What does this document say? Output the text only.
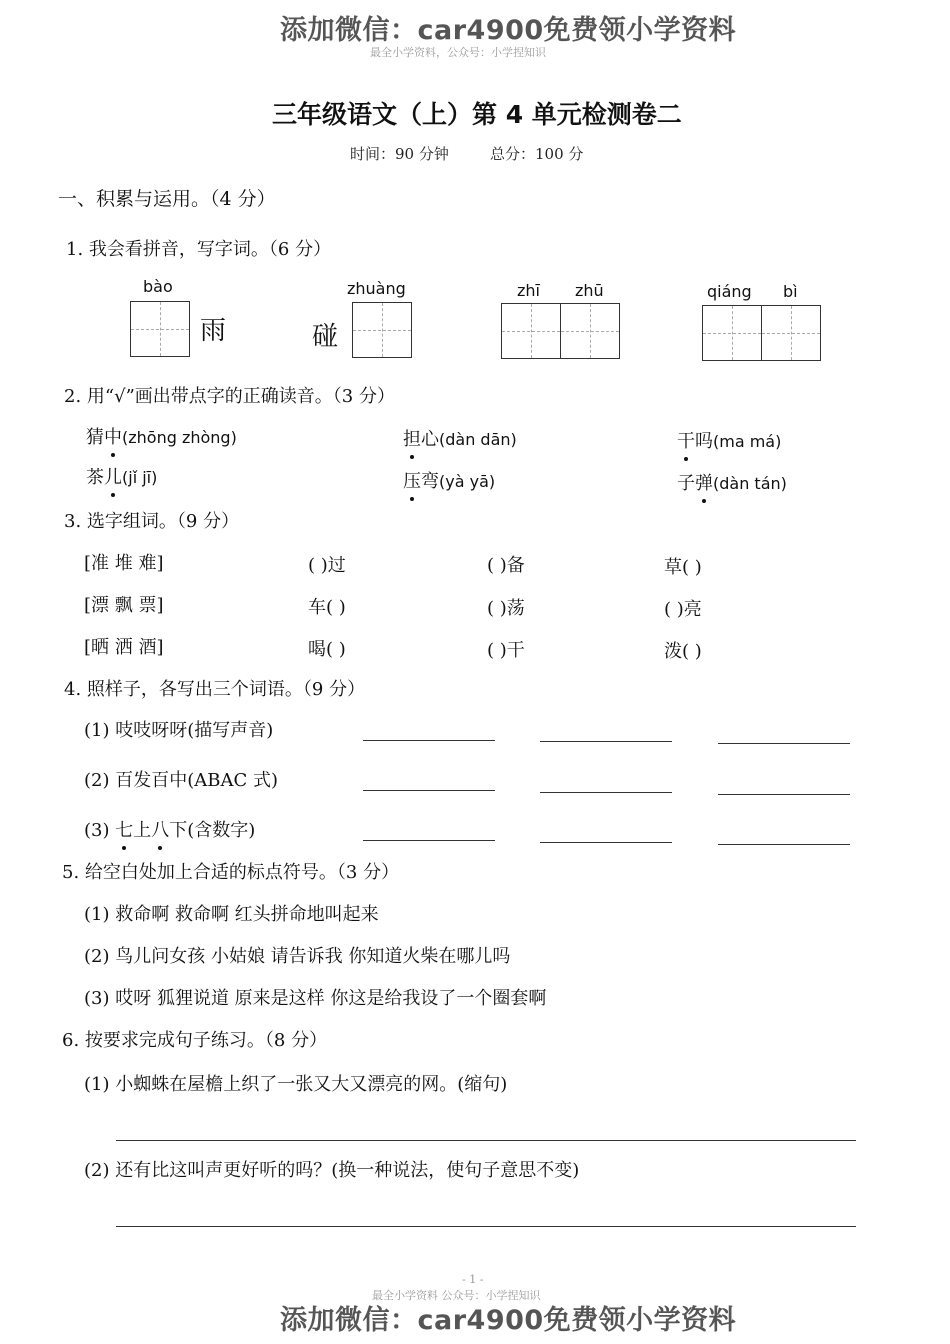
添加微信：car4900免费领小学资料
最全小学资料，公众号：小学捏知识
三年级语文（上）第 4 单元检测卷二
时间：90 分钟	总分：100 分
一、积累与运用。（4 分）
1. 我会看拼音，写字词。（6 分）
bào
雨
zhuàng
碰
zhī zhū	qiáng bì
2. 用“√”画出带点字的正确读音。（3 分）
猜中(zhōng zhòng)	担心(dàn dān)	干吗(ma má)
茶儿(jǐ jī)	压弯(yà yā)	子弹(dàn tán)
3. 选字组词。（9 分）
[准 堆 难]	( )过	( )备	草( )
[漂 飘 票]	车( )	( )荡	( )亮
[晒 洒 酒]	喝( )	( )干	泼( )
4. 照样子，各写出三个词语。（9 分）
(1) 吱吱呀呀(描写声音)
(2) 百发百中(ABAC 式)
(3) 七上八下(含数字)
5. 给空白处加上合适的标点符号。（3 分）
(1) 救命啊 救命啊 红头拼命地叫起来
(2) 鸟儿问女孩 小姑娘 请告诉我 你知道火柴在哪儿吗
(3) 哎呀 狐狸说道 原来是这样 你这是给我设了一个圈套啊
6. 按要求完成句子练习。（8 分）
(1) 小蜘蛛在屋檐上织了一张又大又漂亮的网。(缩句)
(2) 还有比这叫声更好听的吗？(换一种说法，使句子意思不变)
- 1 -
最全小学资料 公众号：小学捏知识
添加微信：car4900免费领小学资料
